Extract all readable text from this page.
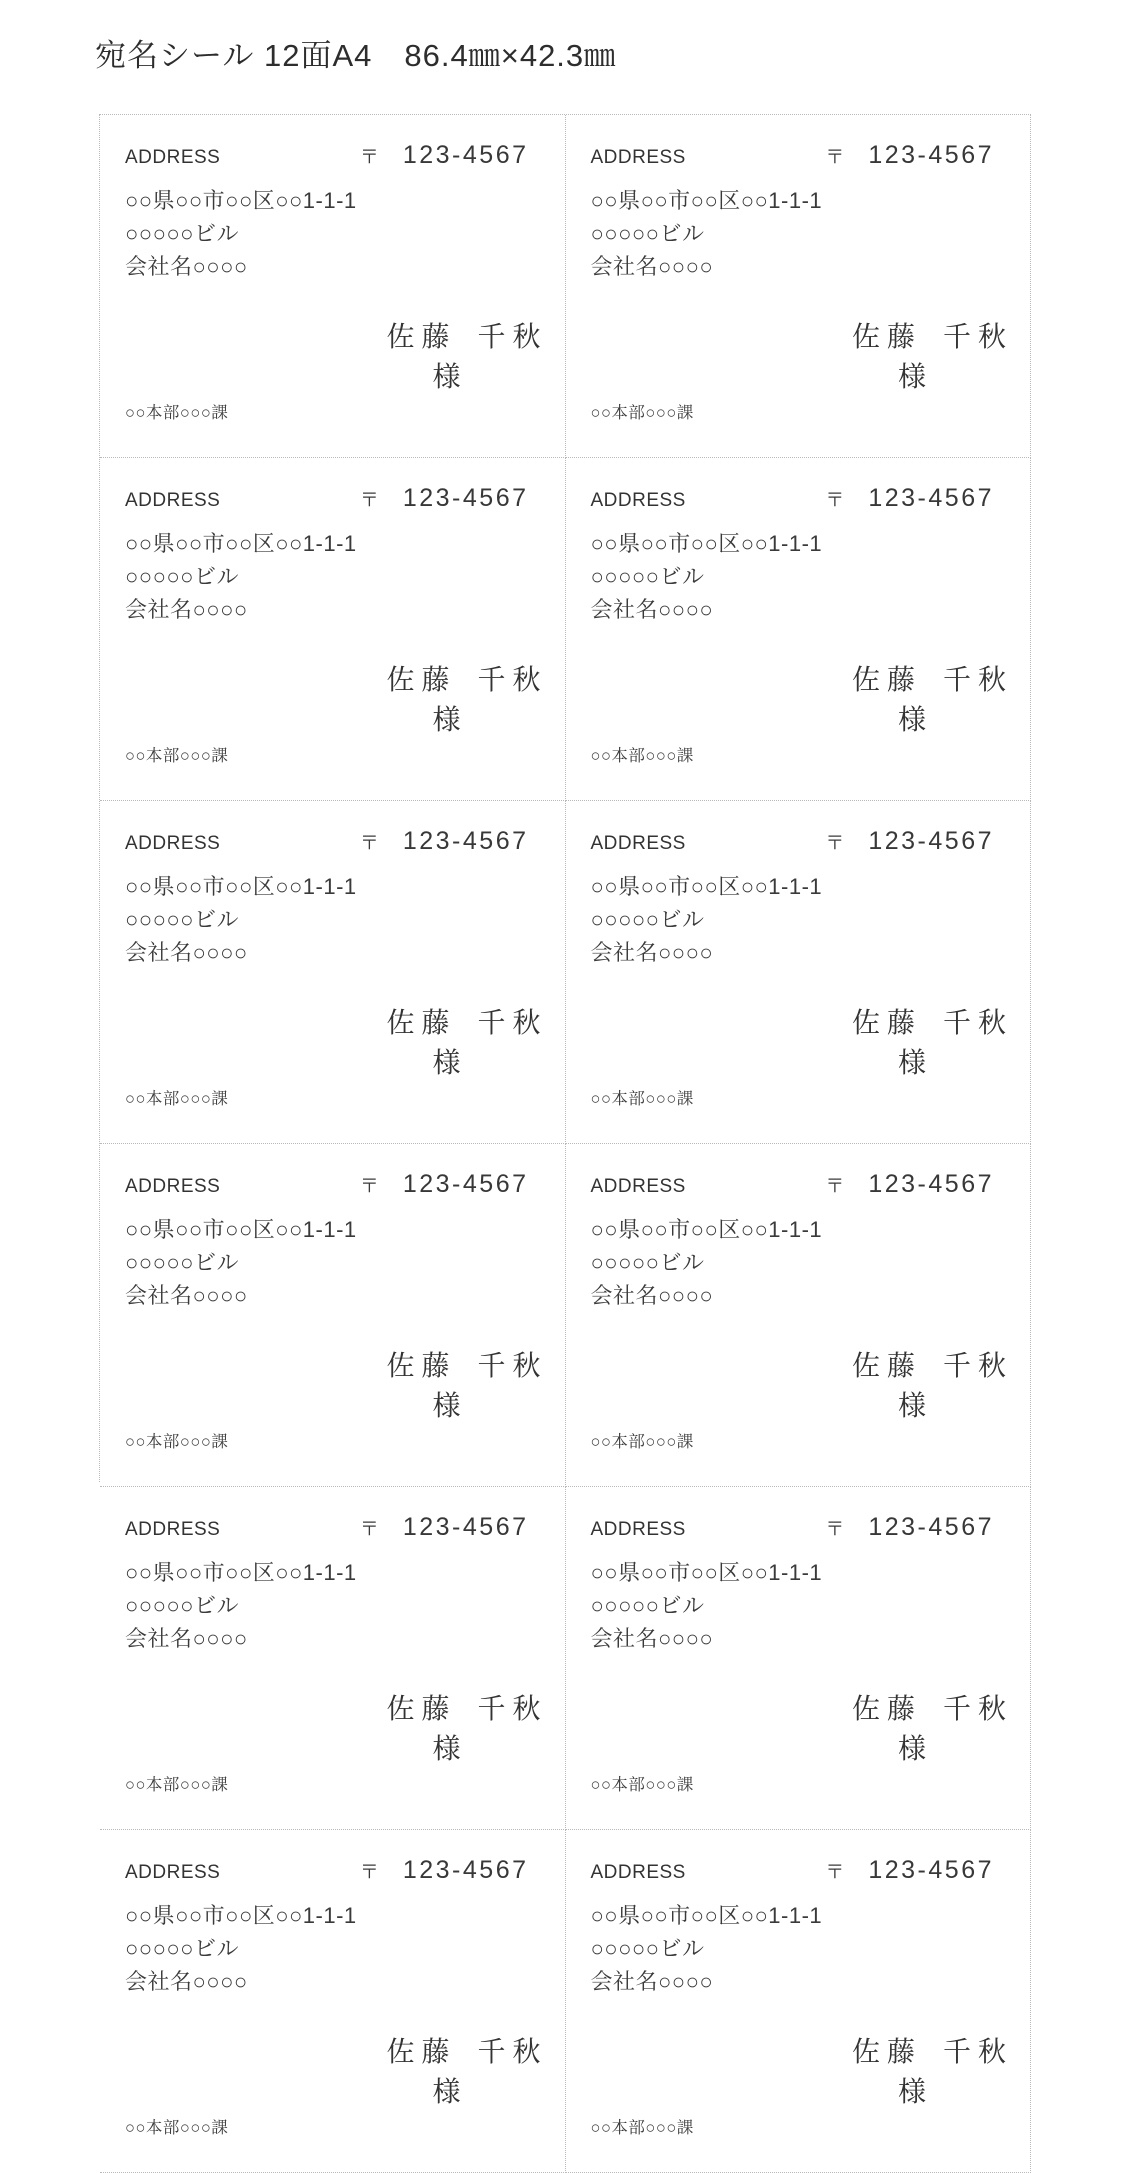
宛名シール 12面A4　86.4㎜×42.3㎜
ADDRESS	〒 123-4567
○○県○○市○○区○○1-1-1
○○○○○ビル
会社名○○○○
○○本部○○○課

佐 藤　千 秋
様

ADDRESS	〒 123-4567
○○県○○市○○区○○1-1-1
○○○○○ビル
会社名○○○○
○○本部○○○課

佐 藤　千 秋
様

ADDRESS	〒 123-4567
○○県○○市○○区○○1-1-1
○○○○○ビル
会社名○○○○
○○本部○○○課

佐 藤　千 秋
様

ADDRESS	〒 123-4567
○○県○○市○○区○○1-1-1
○○○○○ビル
会社名○○○○
○○本部○○○課

佐 藤　千 秋
様

ADDRESS	〒 123-4567
○○県○○市○○区○○1-1-1
○○○○○ビル
会社名○○○○
○○本部○○○課

佐 藤　千 秋
様

ADDRESS	〒 123-4567
○○県○○市○○区○○1-1-1
○○○○○ビル
会社名○○○○
○○本部○○○課

佐 藤　千 秋
様

ADDRESS	〒 123-4567
○○県○○市○○区○○1-1-1
○○○○○ビル
会社名○○○○
○○本部○○○課

佐 藤　千 秋
様

ADDRESS	〒 123-4567
○○県○○市○○区○○1-1-1
○○○○○ビル
会社名○○○○
○○本部○○○課

佐 藤　千 秋
様

ADDRESS	〒 123-4567
○○県○○市○○区○○1-1-1
○○○○○ビル
会社名○○○○
○○本部○○○課

佐 藤　千 秋
様

ADDRESS	〒 123-4567
○○県○○市○○区○○1-1-1
○○○○○ビル
会社名○○○○
○○本部○○○課

佐 藤　千 秋
様

ADDRESS	〒 123-4567
○○県○○市○○区○○1-1-1
○○○○○ビル
会社名○○○○
○○本部○○○課

佐 藤　千 秋
様

ADDRESS	〒 123-4567
○○県○○市○○区○○1-1-1
○○○○○ビル
会社名○○○○
○○本部○○○課

佐 藤　千 秋
様
